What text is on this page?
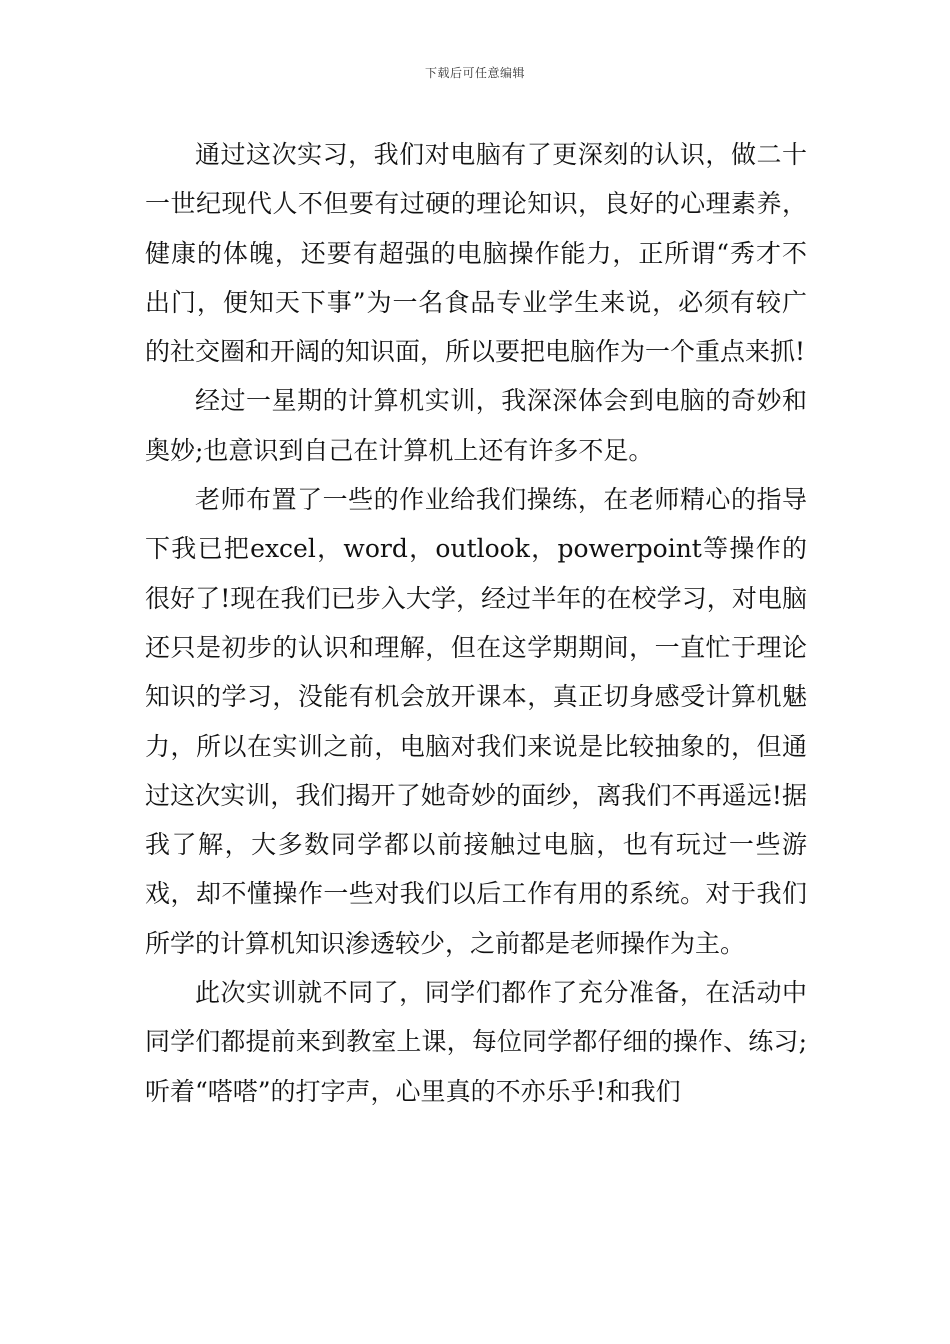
下载后可任意编辑

通过这次实习，我们对电脑有了更深刻的认识，做二十一世纪现代人不但要有过硬的理论知识，良好的心理素养，健康的体魄，还要有超强的电脑操作能力，正所谓“秀才不出门，便知天下事”为一名食品专业学生来说，必须有较广的社交圈和开阔的知识面，所以要把电脑作为一个重点来抓!

经过一星期的计算机实训，我深深体会到电脑的奇妙和奥妙;也意识到自己在计算机上还有许多不足。

老师布置了一些的作业给我们操练，在老师精心的指导下我已把excel，word，outlook，powerpoint等操作的很好了!现在我们已步入大学，经过半年的在校学习，对电脑还只是初步的认识和理解，但在这学期期间，一直忙于理论知识的学习，没能有机会放开课本，真正切身感受计算机魅力，所以在实训之前，电脑对我们来说是比较抽象的，但通过这次实训，我们揭开了她奇妙的面纱，离我们不再遥远!据我了解，大多数同学都以前接触过电脑，也有玩过一些游戏，却不懂操作一些对我们以后工作有用的系统。对于我们所学的计算机知识渗透较少，之前都是老师操作为主。

此次实训就不同了，同学们都作了充分准备，在活动中同学们都提前来到教室上课，每位同学都仔细的操作、练习;听着“嗒嗒”的打字声，心里真的不亦乐乎!和我们
